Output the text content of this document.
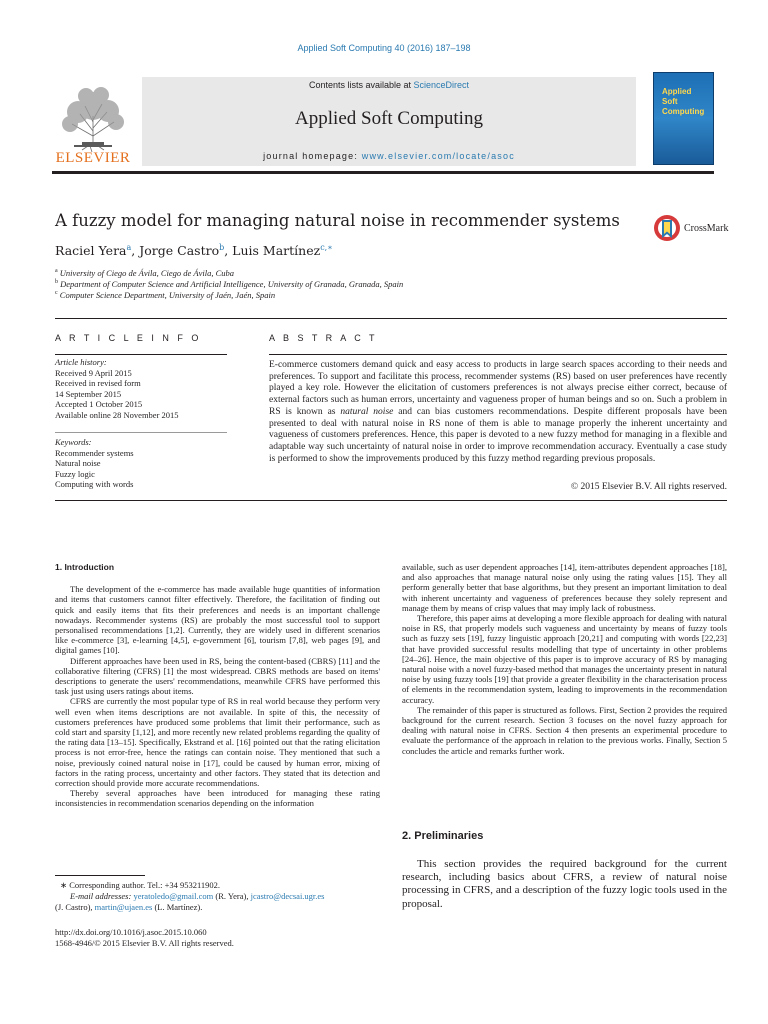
Applied Soft Computing 40 (2016) 187–198
ELSEVIER
Contents lists available at ScienceDirect
Applied Soft Computing
journal homepage: www.elsevier.com/locate/asoc
Applied
Soft
Computing
A fuzzy model for managing natural noise in recommender systems	CrossMark
Raciel Yera$^a$, Jorge Castro$^b$, Luis Martínez$^{c,∗}$
$^a$ University of Ciego de Ávila, Ciego de Ávila, Cuba
$^b$ Department of Computer Science and Artificial Intelligence, University of Granada, Granada, Spain
$^c$ Computer Science Department, University of Jaén, Jaén, Spain
A R T I C L E I N F O
Article history:
Received 9 April 2015
Received in revised form
14 September 2015
Accepted 1 October 2015
Available online 28 November 2015
Keywords:
Recommender systems
Natural noise
Fuzzy logic
Computing with words
A B S T R A C T
E-commerce customers demand quick and easy access to products in large search spaces according to their needs and preferences. To support and facilitate this process, recommender systems (RS) based on user preferences have recently played a key role. However the elicitation of customers preferences is not always precise either correct, because of external factors such as human errors, uncertainty and vagueness proper of human beings and so on. Such a problem in RS is known as natural noise and can bias customers recommendations. Despite different proposals have been presented to deal with natural noise in RS none of them is able to manage properly the inherent uncertainty and vagueness of customers preferences. Hence, this paper is devoted to a new fuzzy method for managing in a flexible and adaptable way such uncertainty of natural noise in order to improve recommendation accuracy. Eventually a case study is performed to show the improvements produced by this fuzzy method regarding previous proposals.
© 2015 Elsevier B.V. All rights reserved.
1. Introduction

The development of the e-commerce has made available huge quantities of information and items that customers cannot filter effectively. Therefore, the facilitation of finding out quick and easily items that fits their preferences and needs is an important challenge nowadays. Recommender systems (RS) are probably the most successful tool to support personalised recommendations [1,2]. Currently, they are widely used in different scenarios like e-commerce [3], e-learning [4,5], e-government [6], tourism [7,8], web pages [9], and digital games [10].

Different approaches have been used in RS, being the content-based (CBRS) [11] and the collaborative filtering (CFRS) [1] the most widespread. CBRS methods are based on items' descriptions to generate the users' recommendations, meanwhile CFRS have performed this task just using users ratings about items.

CFRS are currently the most popular type of RS in real world because they perform very well even when items descriptions are not available. In spite of this, the necessity of customers preferences have produced some problems that limit their performance, such as cold start and sparsity [1,12], and more recently new related problems regarding the quality of the rating data [13–15]. Specifically, Ekstrand et al. [16] pointed out that the rating elicitation process is not error-free, hence the ratings can contain noise. They mentioned that such a noise, previously coined natural noise in [17], could be caused by human error, mixing of factors in the rating process, uncertainty and other factors. They stated that its detection and correction should provide more accurate recommendations.

Thereby several approaches have been introduced for managing these rating inconsistencies in recommendation scenarios depending on the information

available, such as user dependent approaches [14], item-attributes dependent approaches [18], and also approaches that manage natural noise only using the rating values [15]. They all perform generally better that base algorithms, but they present an important limitation to deal with inherent uncertainty and vagueness of preferences because they solely represent and manage them by means of crisp values that may imply lack of robustness.

Therefore, this paper aims at developing a more flexible approach for dealing with natural noise in RS, that properly models such vagueness and uncertainty by means of fuzzy tools such as fuzzy sets [19], fuzzy linguistic approach [20,21] and computing with words [22,23] that have provided successful results modelling that type of uncertainty in other problems [24–26]. Hence, the main objective of this paper is to improve accuracy of RS by managing natural noise with a novel fuzzy-based method that manages the uncertainty present in natural noise by using fuzzy tools [19] that provide a greater flexibility in the characterisation process of elements in the recommendation system, leading to improvements in the recommendation accuracy.

The remainder of this paper is structured as follows. First, Section 2 provides the required background for the current research. Section 3 focuses on the novel fuzzy approach for dealing with natural noise in CFRS. Section 4 then presents an experimental procedure to evaluate the performance of the approach in relation to the previous works. Finally, Section 5 concludes the article and remarks further work.

2. Preliminaries
This section provides the required background for the current research, including basics about CFRS, a review of natural noise processing in CFRS, and a description of the fuzzy logic tools used in the proposal.
∗ Corresponding author. Tel.: +34 953211902.
E-mail addresses: yeratoledo@gmail.com (R. Yera), jcastro@decsai.ugr.es
(J. Castro), martin@ujaen.es (L. Martínez).
http://dx.doi.org/10.1016/j.asoc.2015.10.060
1568-4946/© 2015 Elsevier B.V. All rights reserved.
